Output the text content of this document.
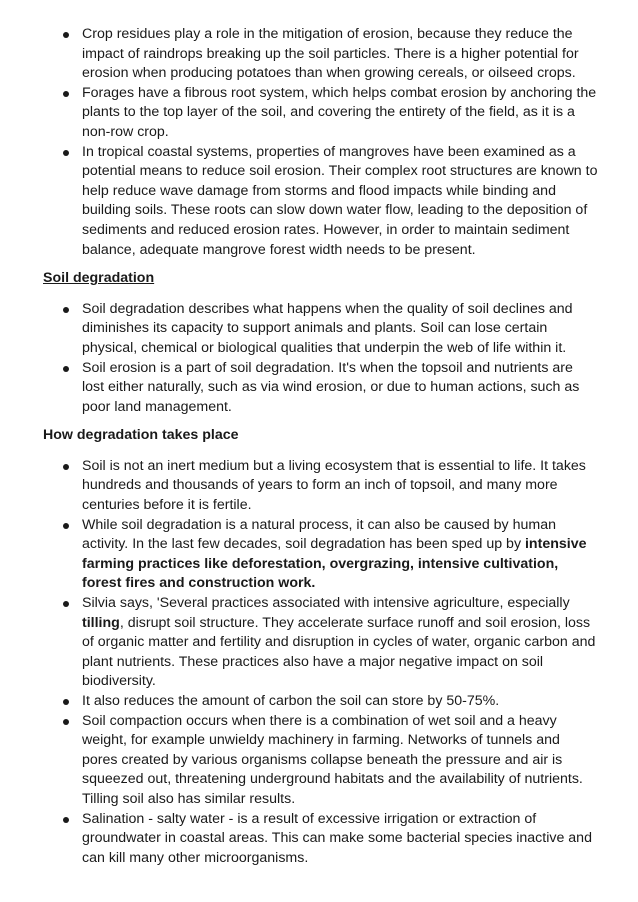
Crop residues play a role in the mitigation of erosion, because they reduce the impact of raindrops breaking up the soil particles. There is a higher potential for erosion when producing potatoes than when growing cereals, or oilseed crops.
Forages have a fibrous root system, which helps combat erosion by anchoring the plants to the top layer of the soil, and covering the entirety of the field, as it is a non-row crop.
In tropical coastal systems, properties of mangroves have been examined as a potential means to reduce soil erosion. Their complex root structures are known to help reduce wave damage from storms and flood impacts while binding and building soils. These roots can slow down water flow, leading to the deposition of sediments and reduced erosion rates. However, in order to maintain sediment balance, adequate mangrove forest width needs to be present.
Soil degradation
Soil degradation describes what happens when the quality of soil declines and diminishes its capacity to support animals and plants. Soil can lose certain physical, chemical or biological qualities that underpin the web of life within it.
Soil erosion is a part of soil degradation. It's when the topsoil and nutrients are lost either naturally, such as via wind erosion, or due to human actions, such as poor land management.
How degradation takes place
Soil is not an inert medium but a living ecosystem that is essential to life. It takes hundreds and thousands of years to form an inch of topsoil, and many more centuries before it is fertile.
While soil degradation is a natural process, it can also be caused by human activity. In the last few decades, soil degradation has been sped up by intensive farming practices like deforestation, overgrazing, intensive cultivation, forest fires and construction work.
Silvia says, 'Several practices associated with intensive agriculture, especially tilling, disrupt soil structure. They accelerate surface runoff and soil erosion, loss of organic matter and fertility and disruption in cycles of water, organic carbon and plant nutrients. These practices also have a major negative impact on soil biodiversity.
It also reduces the amount of carbon the soil can store by 50-75%.
Soil compaction occurs when there is a combination of wet soil and a heavy weight, for example unwieldy machinery in farming. Networks of tunnels and pores created by various organisms collapse beneath the pressure and air is squeezed out, threatening underground habitats and the availability of nutrients. Tilling soil also has similar results.
Salination - salty water - is a result of excessive irrigation or extraction of groundwater in coastal areas. This can make some bacterial species inactive and can kill many other microorganisms.
